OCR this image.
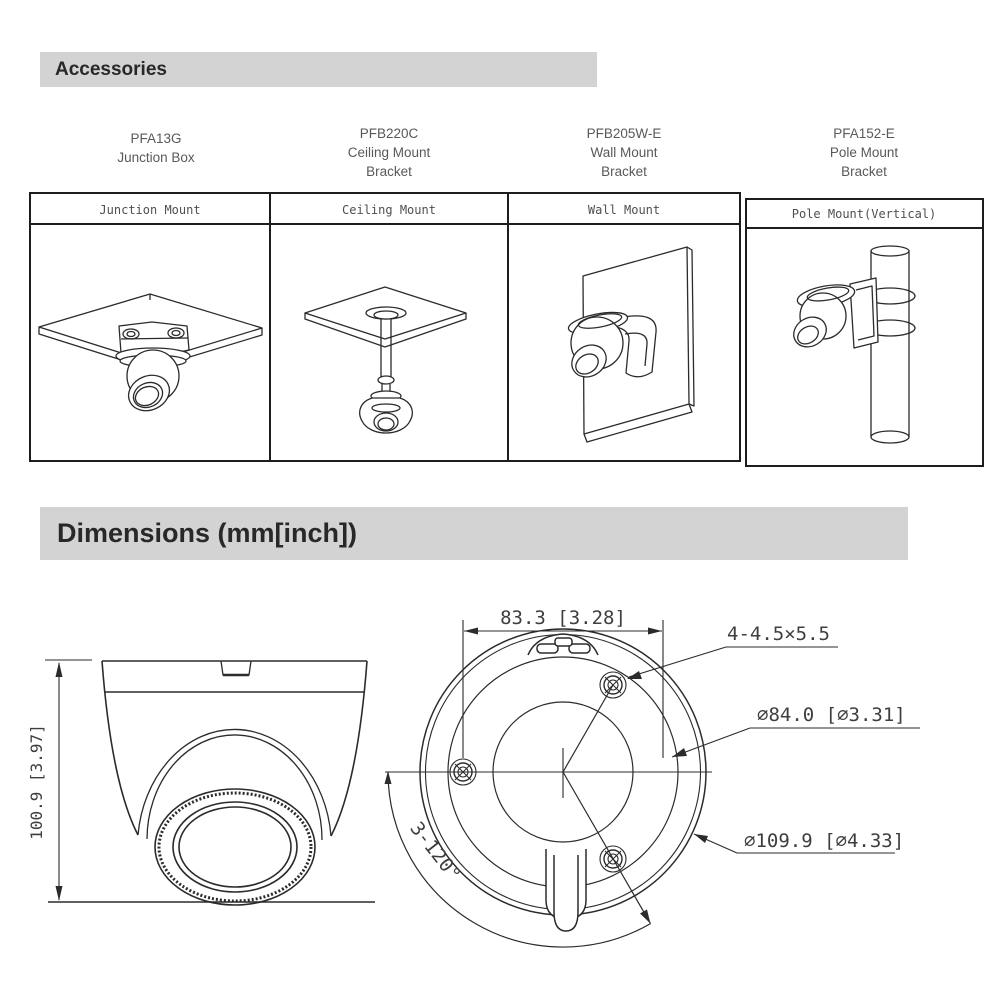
Accessories
PFA13G
Junction Box
PFB220C
Ceiling Mount
Bracket
PFB205W-E
Wall Mount
Bracket
PFA152-E
Pole Mount
Bracket
Dimensions (mm[inch])
Junction Mount	Ceiling Mount	Wall Mount	Pole Mount(Vertical)
100.9 [3.97]
83.3 [3.28]
4-4.5×5.5
∅84.0 [∅3.31]
∅109.9 [∅4.33]
3-120°
